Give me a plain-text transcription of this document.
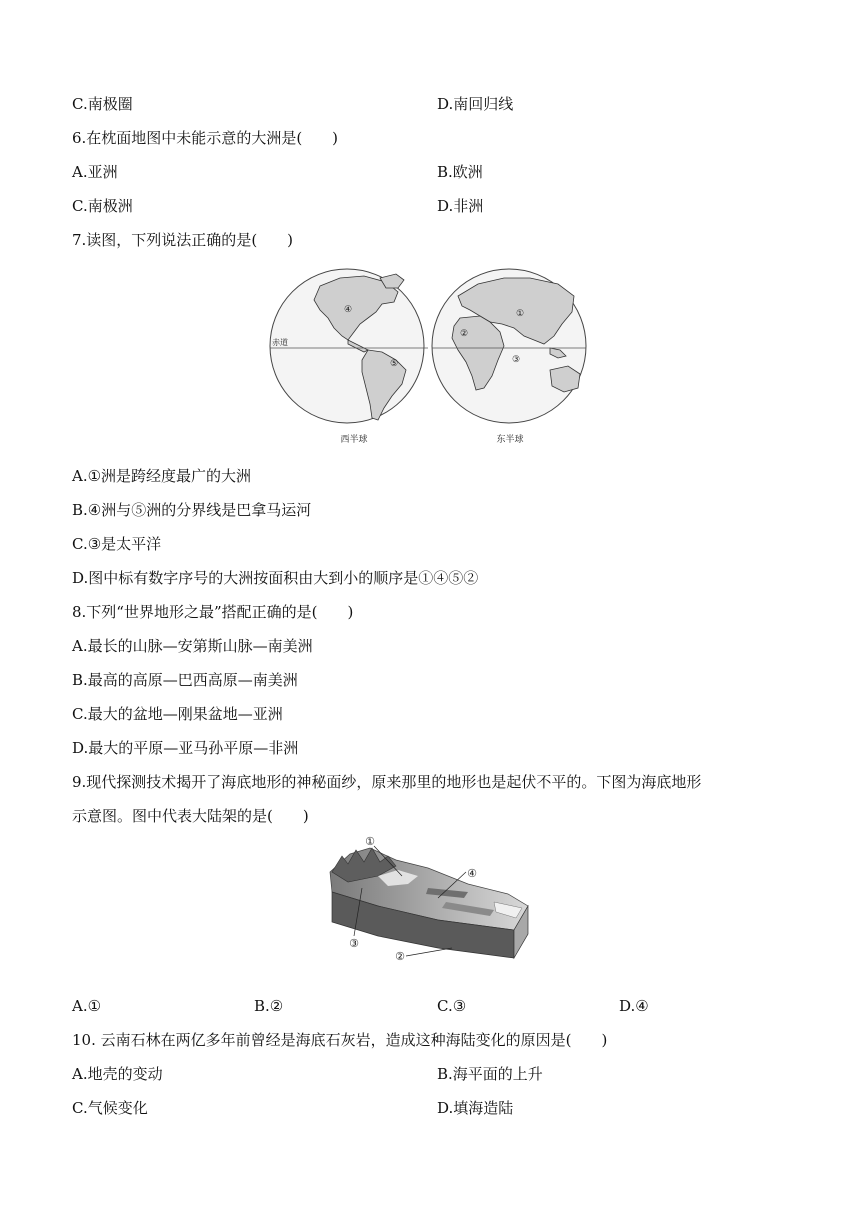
C.南极圈	D.南回归线
6.在枕面地图中未能示意的大洲是(　　)
A.亚洲	B.欧洲
C.南极洲	D.非洲
7.读图，下列说法正确的是(　　)
赤道
④
⑤
西半球
①
②
③
东半球
A.①洲是跨经度最广的大洲
B.④洲与⑤洲的分界线是巴拿马运河
C.③是太平洋
D.图中标有数字序号的大洲按面积由大到小的顺序是①④⑤②
8.下列“世界地形之最”搭配正确的是(　　)
A.最长的山脉—安第斯山脉—南美洲
B.最高的高原—巴西高原—南美洲
C.最大的盆地—刚果盆地—亚洲
D.最大的平原—亚马孙平原—非洲
9.现代探测技术揭开了海底地形的神秘面纱，原来那里的地形也是起伏不平的。下图为海底地形
示意图。图中代表大陆架的是(　　)
①
④
③
②
A.①	B.②	C.③	D.④
10. 云南石林在两亿多年前曾经是海底石灰岩，造成这种海陆变化的原因是(　　)
A.地壳的变动	B.海平面的上升
C.气候变化	D.填海造陆
